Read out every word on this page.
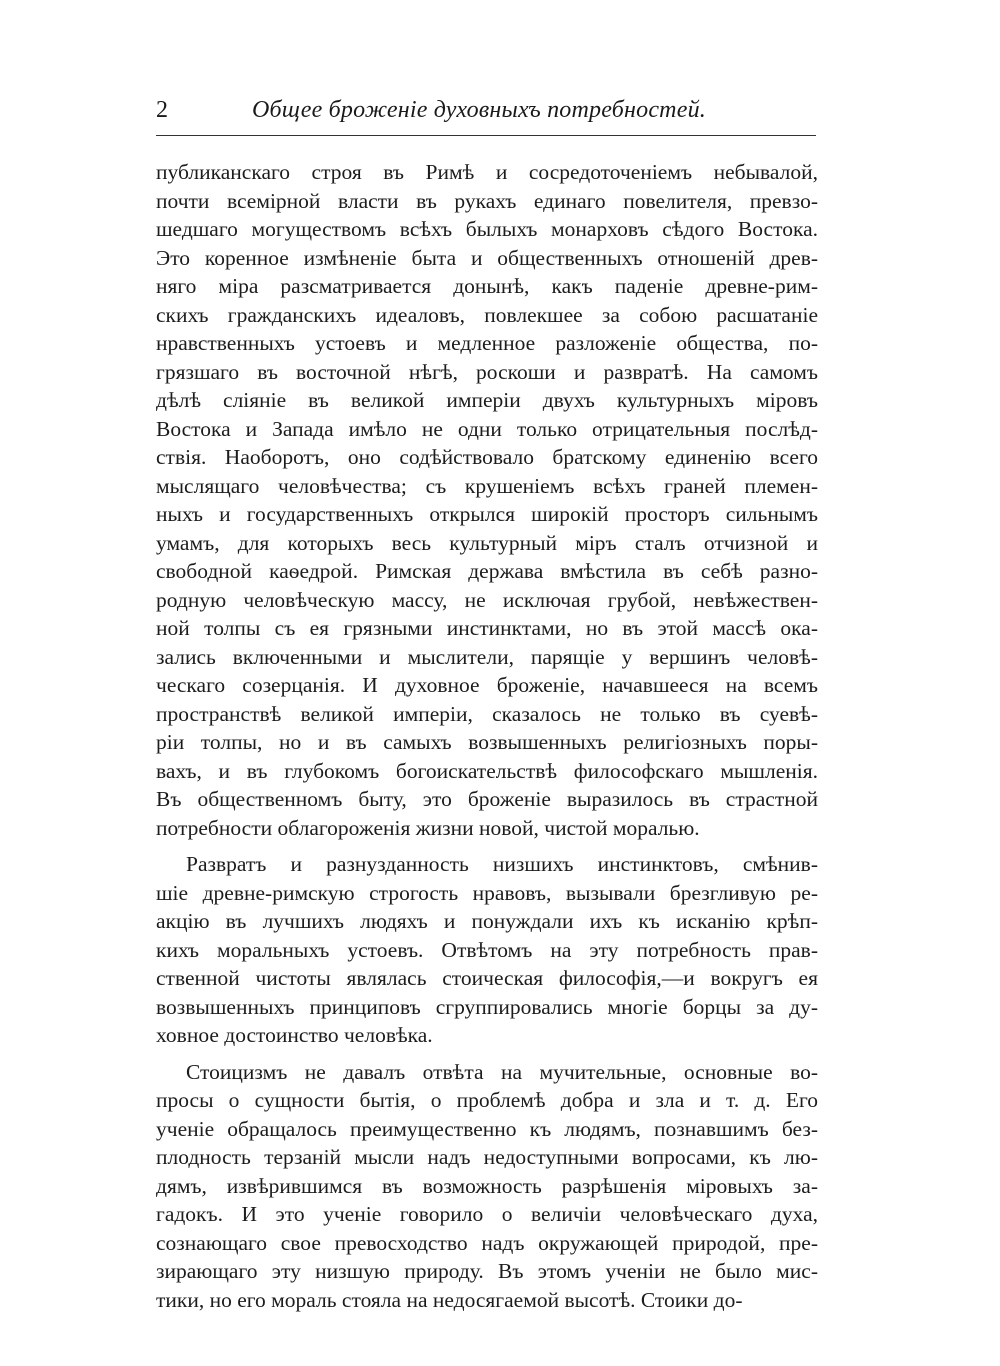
2	Общее броженіе духовныхъ потребностей.
публиканскаго строя въ Римѣ и сосредоточеніемъ небывалой,
почти всемірной власти въ рукахъ единаго повелителя, превзо-
шедшаго могуществомъ всѣхъ былыхъ монарховъ сѣдого Востока.
Это коренное измѣненіе быта и общественныхъ отношеній древ-
няго міра разсматривается донынѣ, какъ паденіе древне-рим-
скихъ гражданскихъ идеаловъ, повлекшее за собою расшатаніе
нравственныхъ устоевъ и медленное разложеніе общества, по-
грязшаго въ восточной нѣгѣ, роскоши и развратѣ. На самомъ
дѣлѣ сліяніе въ великой имперіи двухъ культурныхъ міровъ
Востока и Запада имѣло не одни только отрицательныя послѣд-
ствія. Наоборотъ, оно содѣйствовало братскому единенію всего
мыслящаго человѣчества; съ крушеніемъ всѣхъ граней племен-
ныхъ и государственныхъ открылся широкій просторъ сильнымъ
умамъ, для которыхъ весь культурный міръ сталъ отчизной и
свободной каѳедрой. Римская держава вмѣстила въ себѣ разно-
родную человѣческую массу, не исключая грубой, невѣжествен-
ной толпы съ ея грязными инстинктами, но въ этой массѣ ока-
зались включенными и мыслители, парящіе у вершинъ человѣ-
ческаго созерцанія. И духовное броженіе, начавшееся на всемъ
пространствѣ великой имперіи, сказалось не только въ суевѣ-
ріи толпы, но и въ самыхъ возвышенныхъ религіозныхъ поры-
вахъ, и въ глубокомъ богоискательствѣ философскаго мышленія.
Въ общественномъ быту, это броженіе выразилось въ страстной
потребности облагороженія жизни новой, чистой моралью.
Развратъ и разнузданность низшихъ инстинктовъ, смѣнив-
шіе древне-римскую строгость нравовъ, вызывали брезгливую ре-
акцію въ лучшихъ людяхъ и понуждали ихъ къ исканію крѣп-
кихъ моральныхъ устоевъ. Отвѣтомъ на эту потребность прав-
ственной чистоты являлась стоическая философія,—и вокругъ ея
возвышенныхъ принциповъ сгруппировались многіе борцы за ду-
ховное достоинство человѣка.
Стоицизмъ не давалъ отвѣта на мучительные, основные во-
просы о сущности бытія, о проблемѣ добра и зла и т. д. Его
ученіе обращалось преимущественно къ людямъ, познавшимъ без-
плодность терзаній мысли надъ недоступными вопросами, къ лю-
дямъ, извѣрившимся въ возможность разрѣшенія міровыхъ за-
гадокъ. И это ученіе говорило о величіи человѣческаго духа,
сознающаго свое превосходство надъ окружающей природой, пре-
зирающаго эту низшую природу. Въ этомъ ученіи не было мис-
тики, но его мораль стояла на недосягаемой высотѣ. Стоики до-
